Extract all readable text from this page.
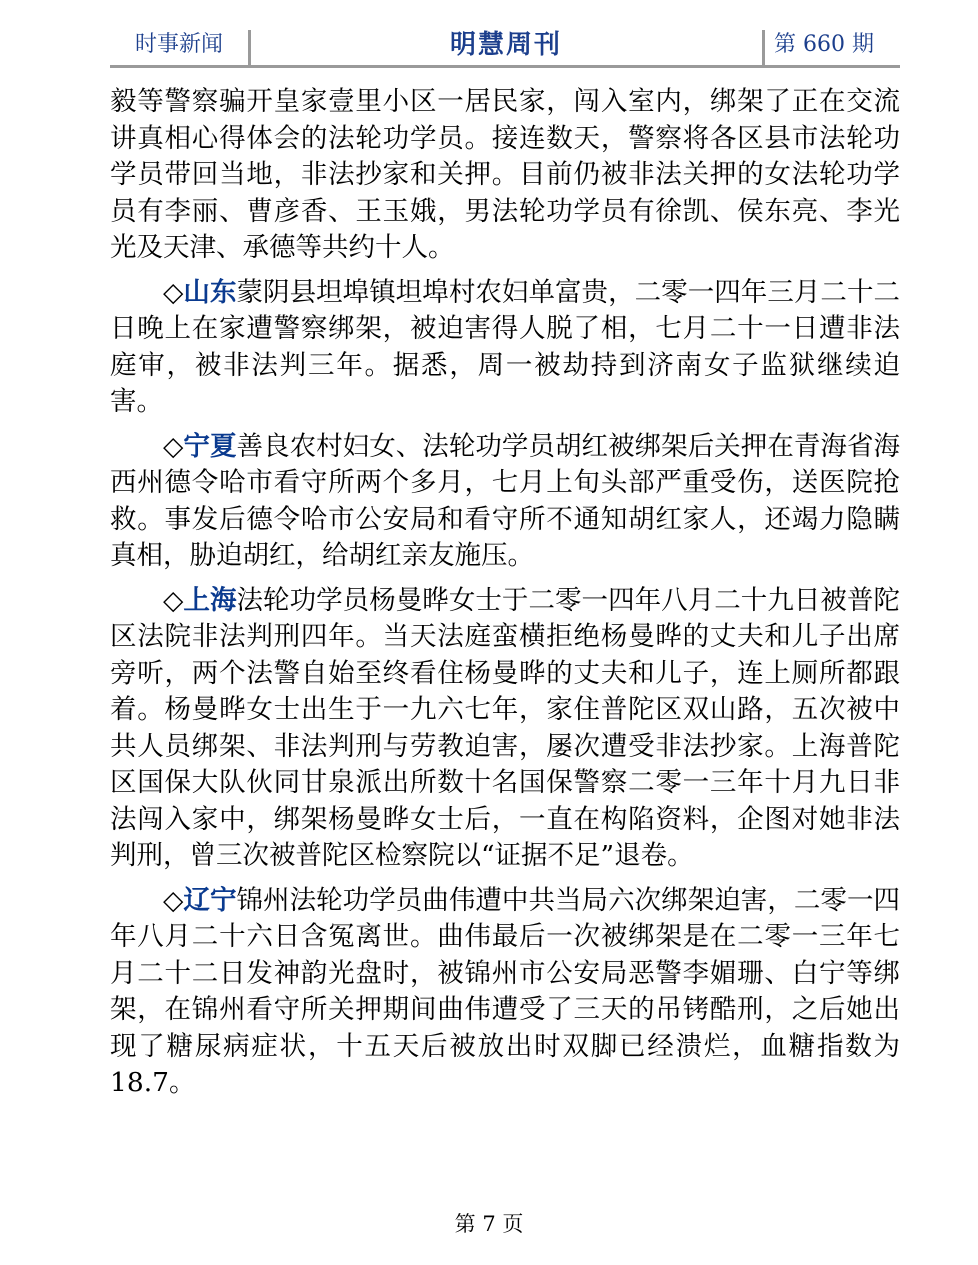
时事新闻	明慧周刊	第 660 期

毅等警察骗开皇家壹里小区一居民家，闯入室内，绑架了正在交流讲真相心得体会的法轮功学员。接连数天，警察将各区县市法轮功学员带回当地，非法抄家和关押。目前仍被非法关押的女法轮功学员有李丽、曹彦香、王玉娥，男法轮功学员有徐凯、侯东亮、李光光及天津、承德等共约十人。

◇山东蒙阴县坦埠镇坦埠村农妇单富贵，二零一四年三月二十二日晚上在家遭警察绑架，被迫害得人脱了相，七月二十一日遭非法庭审，被非法判三年。据悉，周一被劫持到济南女子监狱继续迫害。

◇宁夏善良农村妇女、法轮功学员胡红被绑架后关押在青海省海西州德令哈市看守所两个多月，七月上旬头部严重受伤，送医院抢救。事发后德令哈市公安局和看守所不通知胡红家人，还竭力隐瞒真相，胁迫胡红，给胡红亲友施压。

◇上海法轮功学员杨曼晔女士于二零一四年八月二十九日被普陀区法院非法判刑四年。当天法庭蛮横拒绝杨曼晔的丈夫和儿子出席旁听，两个法警自始至终看住杨曼晔的丈夫和儿子，连上厕所都跟着。杨曼晔女士出生于一九六七年，家住普陀区双山路，五次被中共人员绑架、非法判刑与劳教迫害，屡次遭受非法抄家。上海普陀区国保大队伙同甘泉派出所数十名国保警察二零一三年十月九日非法闯入家中，绑架杨曼晔女士后，一直在构陷资料，企图对她非法判刑，曾三次被普陀区检察院以“证据不足”退卷。

◇辽宁锦州法轮功学员曲伟遭中共当局六次绑架迫害，二零一四年八月二十六日含冤离世。曲伟最后一次被绑架是在二零一三年七月二十二日发神韵光盘时，被锦州市公安局恶警李媚珊、白宁等绑架，在锦州看守所关押期间曲伟遭受了三天的吊铐酷刑，之后她出现了糖尿病症状，十五天后被放出时双脚已经溃烂，血糖指数为 18.7。

第 7 页
